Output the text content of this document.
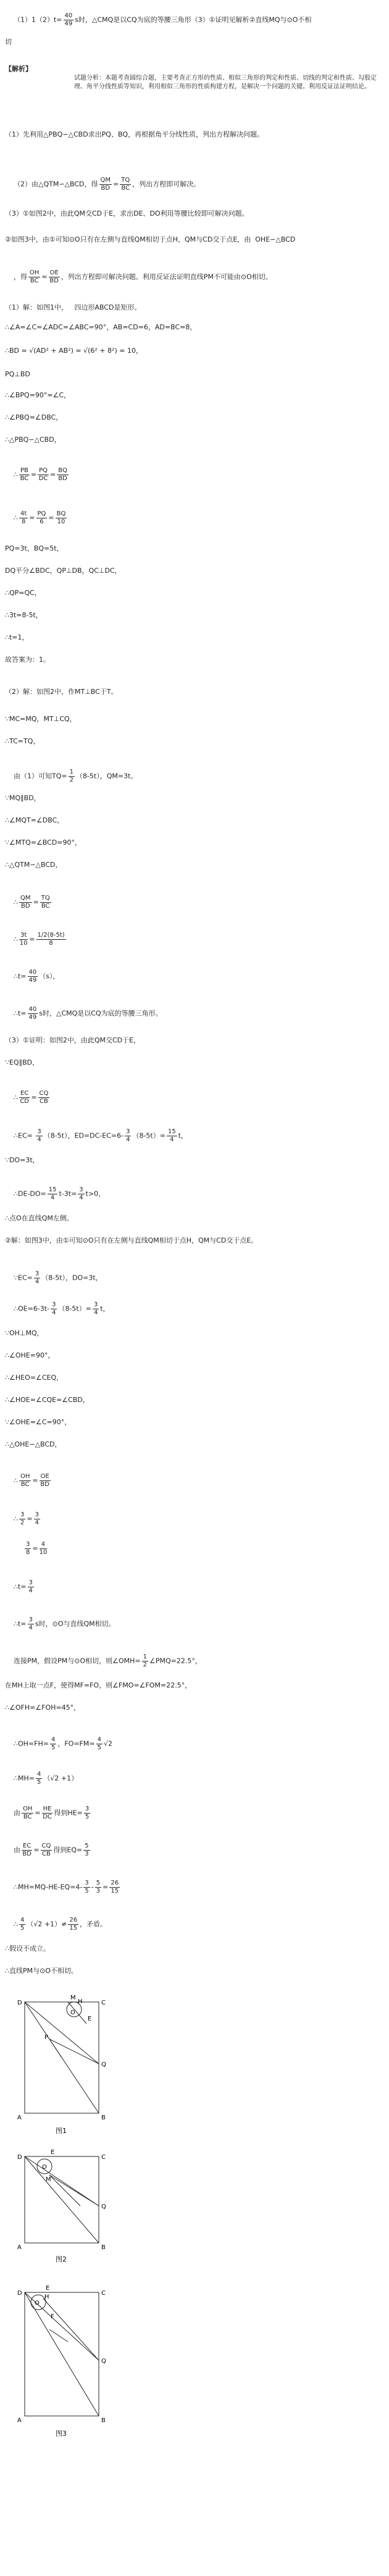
$(1)1(2)t= \frac{40}{49}$ s时，△CMQ是以CQ为底的等腰三角形（3）①证明见解析②直线MQ与⊙O不相

切
【解析】
试题分析：本题考查圆综合题，主要考查正方形的性质、相似三角形的判定和性质、切线的判定和性质、勾股定理、角平分线性质等知识，利用相似三角形的性质构建方程，是解决一个问题的关键。利用反证法证明结论。
（1）先利用△PBQ∽△CBD求出PQ、BQ，再根据角平分线性质，列出方程解决问题。

（2）由△QTM∽△BCD，得 $\frac{QM}{BD} = \frac{TQ}{BC}$ ，列出方程即可解决。

（3）①如图2中，由此QM交CD于E，求出DE、DO利用等腰比较即可解决问题。
②如图3中，由①可知⊙O只有在左侧与直线QM相切于点H，QM与CD交于点E，由  OHE∽△BCD

，得 $\frac{OH}{BC} = \frac{OE}{BD}$ ，列出方程即可解决问题。利用反证法证明直线PM不可能由⊙O相切。

（1）解：如图1中，   四边形ABCD是矩形。
∴∠A=∠C=∠ADC=∠ABC=90°，AB=CD=6，AD=BC=8，
∴BD = √(AD² + AB²) = √(6² + 8²) = 10，
PQ⊥BD
∴∠BPQ=90°=∠C，
∴∠PBQ=∠DBC，
∴△PBQ∽△CBD，

∴ $\frac{PB}{BC} = \frac{PQ}{DC} = \frac{BQ}{BD}$

∴ $\frac{4t}{8} = \frac{PQ}{6} = \frac{BQ}{10}$

PQ=3t，BQ=5t，
DQ平分∠BDC，QP⊥DB，QC⊥DC，
∴QP=QC，
∴3t=8-5t，
∴t=1，
故答案为：1。
（2）解：如图2中，作MT⊥BC于T。
∵MC=MQ，MT⊥CQ，
∴TC=TQ，

由（1）可知$TQ= \frac{1}{2} (8-5t)$，QM=3t。

∵MQ∥BD，
∴∠MQT=∠DBC，
∵∠MTQ=∠BCD=90°，
∴△QTM∽△BCD，

∴ $\frac{QM}{BD} = \frac{TQ}{BC}$

∴ $\frac{3t}{10} = \frac{1/2(8-5t)}{8}$

∴t= $\frac{40}{49} (s)$，

∴t= $\frac{40}{49}$ s时，△CMQ是以CQ为底的等腰三角形。

（3）①证明：如图2中，由此QM交CD于E，
∵EQ∥BD，

∴ $\frac{EC}{CD} = \frac{CQ}{CB}$

∴EC= $\frac{3}{4} (8-5t)$，$ED=DC-EC=6- \frac{3}{4} (8-5t)= \frac{15}{4}$ t，

∵DO=3t，

∴DE-DO= $\frac{15}{4} t-3t= \frac{3}{4} t>0$，

∴点O在直线QM左侧。
②解：如图3中，由①可知⊙O只有在左侧与直线QM相切于点H，QM与CD交于点E。

∵EC= $\frac{3}{4} (8-5t)$，DO=3t，

∴OE=6-3t- $\frac{3}{4} (8-5t)= \frac{3}{4}$ t，

∵OH⊥MQ，
∴∠OHE=90°，
∴∠HEO=∠CEQ，
∴∠HOE=∠CQE=∠CBD，
∵∠OHE=∠C=90°，
∴△OHE∽△BCD，

∴ $\frac{OH}{BC} = \frac{OE}{BD}$

∴ $\frac{3}{2} = \frac{3}{4}$

$\frac{3}{8} = \frac{4}{10}$

∴t= $\frac{3}{4}$

∴t= $\frac{3}{4}$ s时，⊙O与直线QM相切。

连接PM，假设PM与⊙O相切，则∠OMH= $\frac{1}{2}$ ∠PMQ=22.5°，

在MH上取一点F，使得MF=FO，则∠FMO=∠FOM=22.5°，
∴∠OFH=∠FOH=45°，

∴OH=FH= $\frac{4}{5}$ ，$FO=FM= \frac{4}{5} √2$

∴MH= $\frac{4}{5} (√2 +1)$

由 $\frac{OH}{BC} = \frac{HE}{DC}$ 得到$HE= \frac{3}{5}$

由 $\frac{EC}{BD} = \frac{CQ}{CB}$ 得到$EQ= \frac{5}{3}$

∴MH=MQ-HE-EQ=4- $\frac{3}{5} - \frac{5}{3} = \frac{26}{15}$

∴ $\frac{4}{5} (√2 +1)\ne \frac{26}{15}$ ，矛盾。

∴假设不成立。
∴直线PM与⊙O不相切。
D	C
A	B
M
H
E
O
P
Q
图1
D	C
A	B
E
O
M
Q
图2
D	C
A	B
E
O
H
F
Q
图3
